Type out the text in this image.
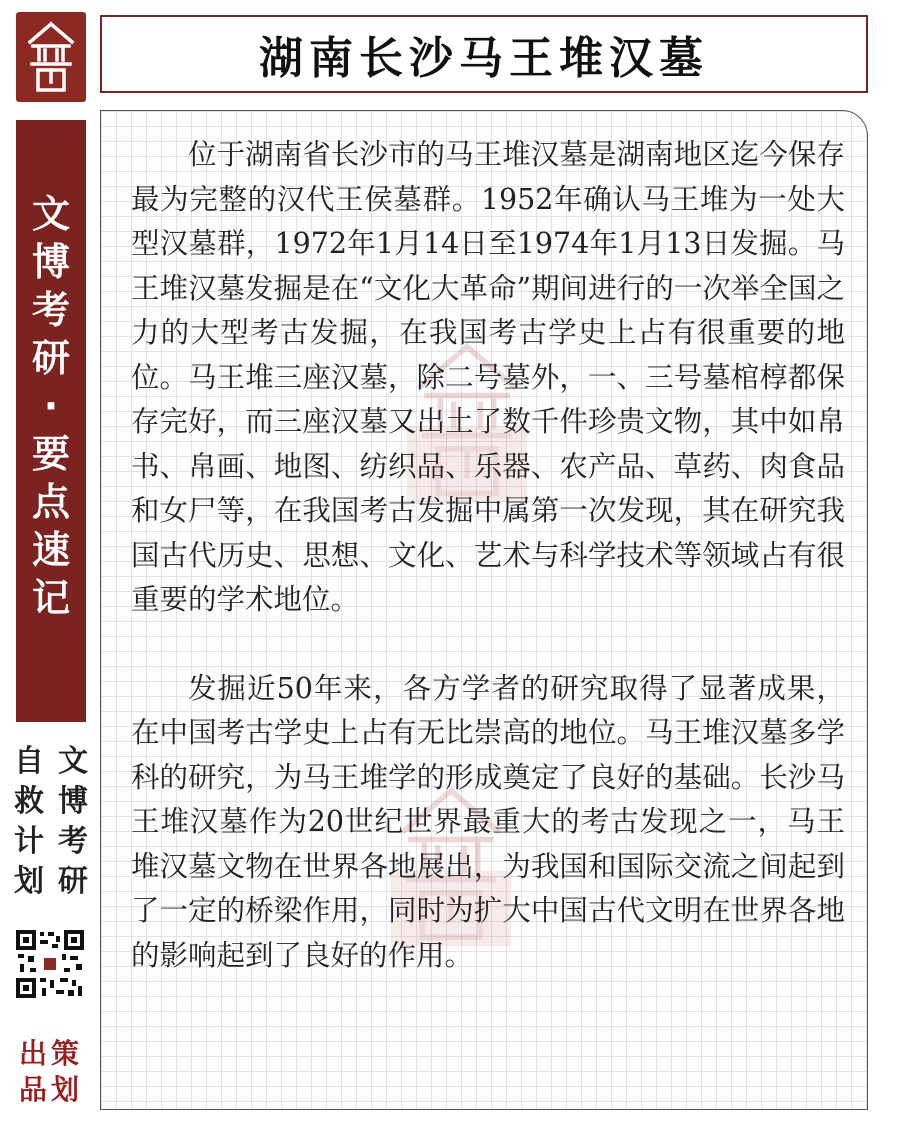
文
博
考
研
·
要
点
速
记
文
博
考
研
自
救
计
划
出策
品划
湖南长沙马王堆汉墓

位于湖南省长沙市的马王堆汉墓是湖南地区迄今保存最为完整的汉代王侯墓群。1952年确认马王堆为一处大型汉墓群，1972年1月14日至1974年1月13日发掘。马王堆汉墓发掘是在“文化大革命”期间进行的一次举全国之力的大型考古发掘，在我国考古学史上占有很重要的地位。马王堆三座汉墓，除二号墓外，一、三号墓棺椁都保存完好，而三座汉墓又出土了数千件珍贵文物，其中如帛书、帛画、地图、纺织品、乐器、农产品、草药、肉食品和女尸等，在我国考古发掘中属第一次发现，其在研究我国古代历史、思想、文化、艺术与科学技术等领域占有很重要的学术地位。

发掘近50年来，各方学者的研究取得了显著成果，在中国考古学史上占有无比崇高的地位。马王堆汉墓多学科的研究，为马王堆学的形成奠定了良好的基础。长沙马王堆汉墓作为20世纪世界最重大的考古发现之一，马王堆汉墓文物在世界各地展出，为我国和国际交流之间起到了一定的桥梁作用，同时为扩大中国古代文明在世界各地的影响起到了良好的作用。
